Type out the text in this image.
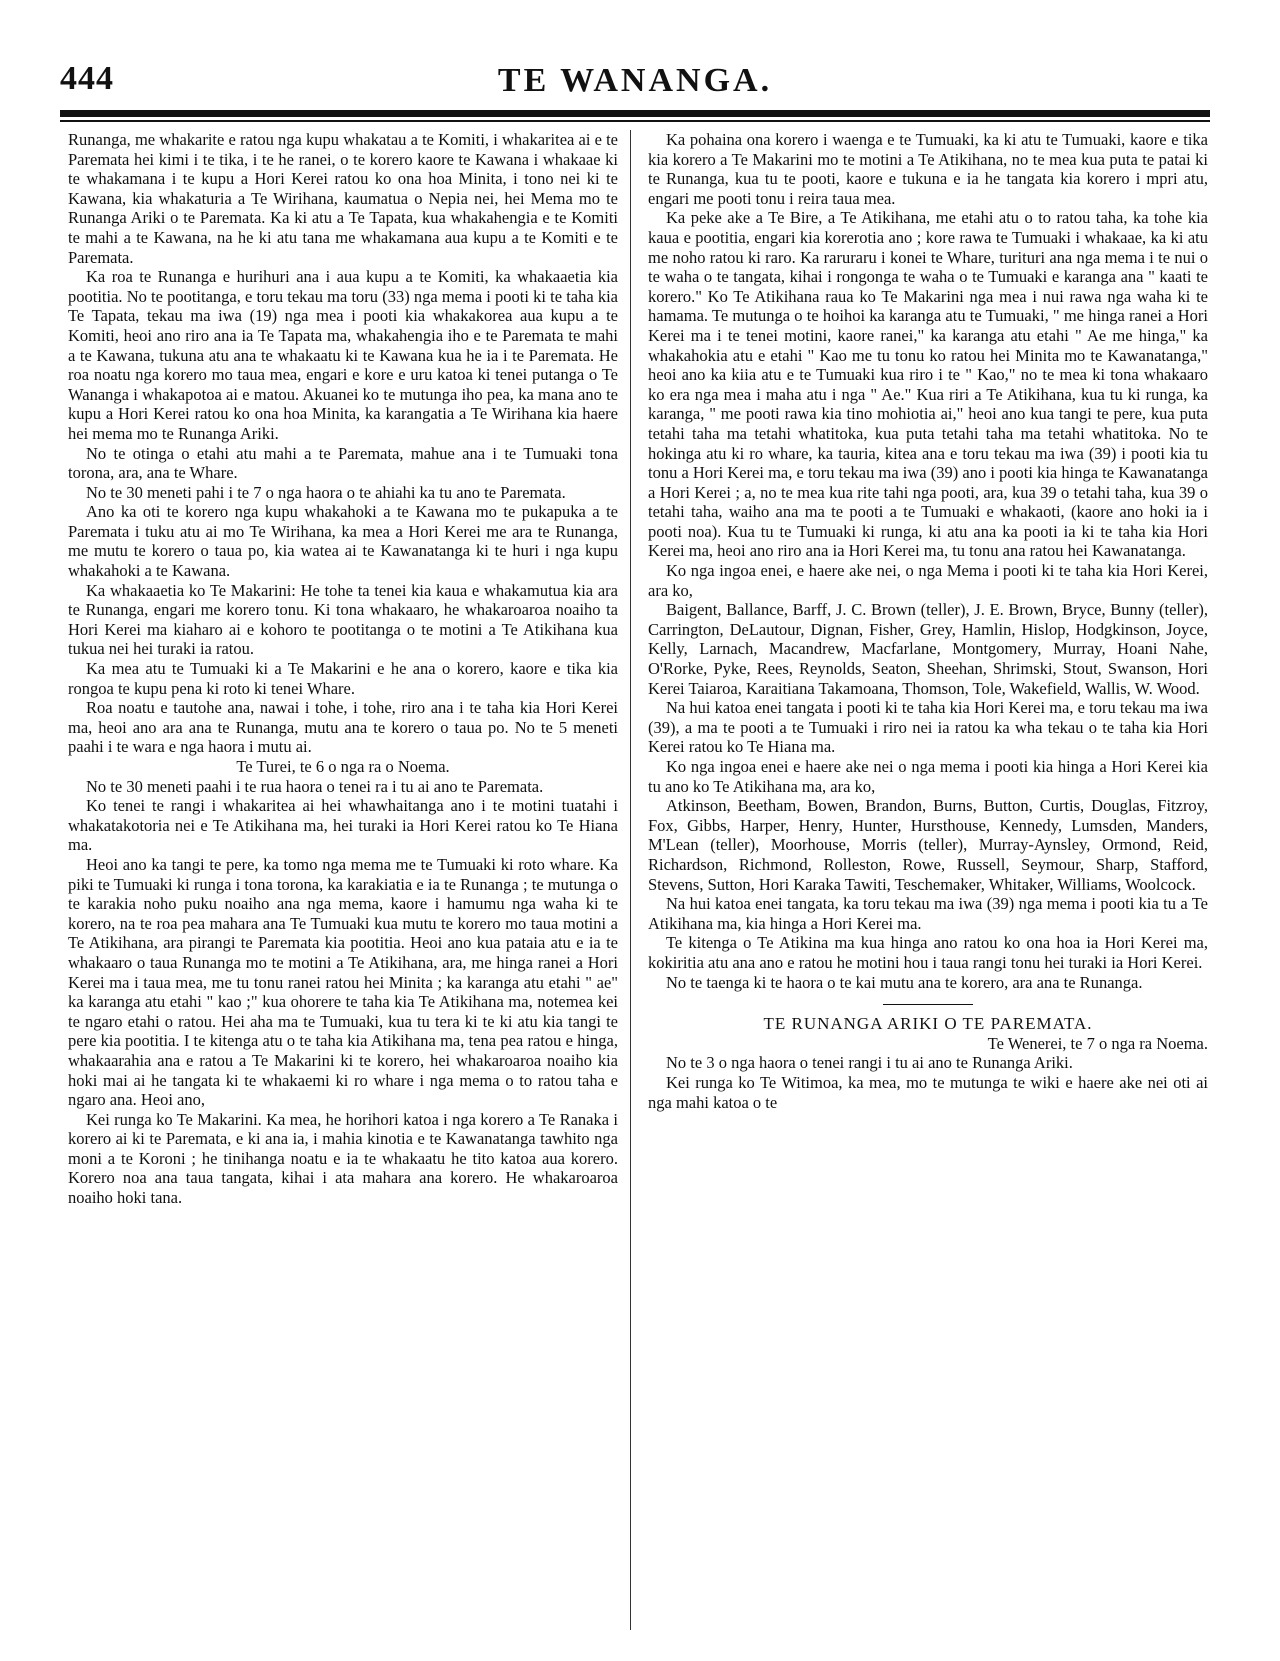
444	TE WANANGA.

Runanga, me whakarite e ratou nga kupu whakatau a te Komiti, i whakaritea ai e te Paremata hei kimi i te tika, i te he ranei, o te korero kaore te Kawana i whakaae ki te whakamana i te kupu a Hori Kerei ratou ko ona hoa Minita, i tono nei ki te Kawana, kia whakaturia a Te Wirihana, kaumatua o Nepia nei, hei Mema mo te Runanga Ariki o te Paremata. Ka ki atu a Te Tapata, kua whakahengia e te Komiti te mahi a te Kawana, na he ki atu tana me whakamana aua kupu a te Komiti e te Paremata.

Ka roa te Runanga e hurihuri ana i aua kupu a te Komiti, ka whakaaetia kia pootitia. No te pootitanga, e toru tekau ma toru (33) nga mema i pooti ki te taha kia Te Tapata, tekau ma iwa (19) nga mea i pooti kia whakakorea aua kupu a te Komiti, heoi ano riro ana ia Te Tapata ma, whakahengia iho e te Paremata te mahi a te Kawana, tukuna atu ana te whakaatu ki te Kawana kua he ia i te Paremata. He roa noatu nga korero mo taua mea, engari e kore e uru katoa ki tenei putanga o Te Wananga i whakapotoa ai e matou. Akuanei ko te mutunga iho pea, ka mana ano te kupu a Hori Kerei ratou ko ona hoa Minita, ka karangatia a Te Wirihana kia haere hei mema mo te Runanga Ariki.

No te otinga o etahi atu mahi a te Paremata, mahue ana i te Tumuaki tona torona, ara, ana te Whare.

No te 30 meneti pahi i te 7 o nga haora o te ahiahi ka tu ano te Paremata.

Ano ka oti te korero nga kupu whakahoki a te Kawana mo te pukapuka a te Paremata i tuku atu ai mo Te Wirihana, ka mea a Hori Kerei me ara te Runanga, me mutu te korero o taua po, kia watea ai te Kawanatanga ki te huri i nga kupu whakahoki a te Kawana.

Ka whakaaetia ko Te Makarini: He tohe ta tenei kia kaua e whakamutua kia ara te Runanga, engari me korero tonu. Ki tona whakaaro, he whakaroaroa noaiho ta Hori Kerei ma kiaharo ai e kohoro te pootitanga o te motini a Te Atikihana kua tukua nei hei turaki ia ratou.

Ka mea atu te Tumuaki ki a Te Makarini e he ana o korero, kaore e tika kia rongoa te kupu pena ki roto ki tenei Whare.

Roa noatu e tautohe ana, nawai i tohe, i tohe, riro ana i te taha kia Hori Kerei ma, heoi ano ara ana te Runanga, mutu ana te korero o taua po. No te 5 meneti paahi i te wara e nga haora i mutu ai.

Te Turei, te 6 o nga ra o Noema.

No te 30 meneti paahi i te rua haora o tenei ra i tu ai ano te Paremata.

Ko tenei te rangi i whakaritea ai hei whawhaitanga ano i te motini tuatahi i whakatakotoria nei e Te Atikihana ma, hei turaki ia Hori Kerei ratou ko Te Hiana ma.

Heoi ano ka tangi te pere, ka tomo nga mema me te Tumuaki ki roto whare. Ka piki te Tumuaki ki runga i tona torona, ka karakiatia e ia te Runanga ; te mutunga o te karakia noho puku noaiho ana nga mema, kaore i hamumu nga waha ki te korero, na te roa pea mahara ana Te Tumuaki kua mutu te korero mo taua motini a Te Atikihana, ara pirangi te Paremata kia pootitia. Heoi ano kua pataia atu e ia te whakaaro o taua Runanga mo te motini a Te Atikihana, ara, me hinga ranei a Hori Kerei ma i taua mea, me tu tonu ranei ratou hei Minita ; ka karanga atu etahi " ae" ka karanga atu etahi " kao ;" kua ohorere te taha kia Te Atikihana ma, notemea kei te ngaro etahi o ratou. Hei aha ma te Tumuaki, kua tu tera ki te ki atu kia tangi te pere kia pootitia. I te kitenga atu o te taha kia Atikihana ma, tena pea ratou e hinga, whakaarahia ana e ratou a Te Makarini ki te korero, hei whakaroaroa noaiho kia hoki mai ai he tangata ki te whakaemi ki ro whare i nga mema o to ratou taha e ngaro ana. Heoi ano,

Kei runga ko Te Makarini. Ka mea, he horihori katoa i nga korero a Te Ranaka i korero ai ki te Paremata, e ki ana ia, i mahia kinotia e te Kawanatanga tawhito nga moni a te Koroni ; he tinihanga noatu e ia te whakaatu he tito katoa aua korero. Korero noa ana taua tangata, kihai i ata mahara ana korero. He whakaroaroa noaiho hoki tana.

Ka pohaina ona korero i waenga e te Tumuaki, ka ki atu te Tumuaki, kaore e tika kia korero a Te Makarini mo te motini a Te Atikihana, no te mea kua puta te patai ki te Runanga, kua tu te pooti, kaore e tukuna e ia he tangata kia korero i mpri atu, engari me pooti tonu i reira taua mea.

Ka peke ake a Te Bire, a Te Atikihana, me etahi atu o to ratou taha, ka tohe kia kaua e pootitia, engari kia korerotia ano ; kore rawa te Tumuaki i whakaae, ka ki atu me noho ratou ki raro. Ka raruraru i konei te Whare, turituri ana nga mema i te nui o te waha o te tangata, kihai i rongonga te waha o te Tumuaki e karanga ana " kaati te korero." Ko Te Atikihana raua ko Te Makarini nga mea i nui rawa nga waha ki te hamama. Te mutunga o te hoihoi ka karanga atu te Tumuaki, " me hinga ranei a Hori Kerei ma i te tenei motini, kaore ranei," ka karanga atu etahi " Ae me hinga," ka whakahokia atu e etahi " Kao me tu tonu ko ratou hei Minita mo te Kawanatanga," heoi ano ka kiia atu e te Tumuaki kua riro i te " Kao," no te mea ki tona whakaaro ko era nga mea i maha atu i nga " Ae." Kua riri a Te Atikihana, kua tu ki runga, ka karanga, " me pooti rawa kia tino mohiotia ai," heoi ano kua tangi te pere, kua puta tetahi taha ma tetahi whatitoka, kua puta tetahi taha ma tetahi whatitoka. No te hokinga atu ki ro whare, ka tauria, kitea ana e toru tekau ma iwa (39) i pooti kia tu tonu a Hori Kerei ma, e toru tekau ma iwa (39) ano i pooti kia hinga te Kawanatanga a Hori Kerei ; a, no te mea kua rite tahi nga pooti, ara, kua 39 o tetahi taha, kua 39 o tetahi taha, waiho ana ma te pooti a te Tumuaki e whakaoti, (kaore ano hoki ia i pooti noa). Kua tu te Tumuaki ki runga, ki atu ana ka pooti ia ki te taha kia Hori Kerei ma, heoi ano riro ana ia Hori Kerei ma, tu tonu ana ratou hei Kawanatanga.

Ko nga ingoa enei, e haere ake nei, o nga Mema i pooti ki te taha kia Hori Kerei, ara ko,

Baigent, Ballance, Barff, J. C. Brown (teller), J. E. Brown, Bryce, Bunny (teller), Carrington, DeLautour, Dignan, Fisher, Grey, Hamlin, Hislop, Hodgkinson, Joyce, Kelly, Larnach, Macandrew, Macfarlane, Montgomery, Murray, Hoani Nahe, O'Rorke, Pyke, Rees, Reynolds, Seaton, Sheehan, Shrimski, Stout, Swanson, Hori Kerei Taiaroa, Karaitiana Takamoana, Thomson, Tole, Wakefield, Wallis, W. Wood.

Na hui katoa enei tangata i pooti ki te taha kia Hori Kerei ma, e toru tekau ma iwa (39), a ma te pooti a te Tumuaki i riro nei ia ratou ka wha tekau o te taha kia Hori Kerei ratou ko Te Hiana ma.

Ko nga ingoa enei e haere ake nei o nga mema i pooti kia hinga a Hori Kerei kia tu ano ko Te Atikihana ma, ara ko,

Atkinson, Beetham, Bowen, Brandon, Burns, Button, Curtis, Douglas, Fitzroy, Fox, Gibbs, Harper, Henry, Hunter, Hursthouse, Kennedy, Lumsden, Manders, M'Lean (teller), Moorhouse, Morris (teller), Murray-Aynsley, Ormond, Reid, Richardson, Richmond, Rolleston, Rowe, Russell, Seymour, Sharp, Stafford, Stevens, Sutton, Hori Karaka Tawiti, Teschemaker, Whitaker, Williams, Woolcock.

Na hui katoa enei tangata, ka toru tekau ma iwa (39) nga mema i pooti kia tu a Te Atikihana ma, kia hinga a Hori Kerei ma.

Te kitenga o Te Atikina ma kua hinga ano ratou ko ona hoa ia Hori Kerei ma, kokiritia atu ana ano e ratou he motini hou i taua rangi tonu hei turaki ia Hori Kerei.

No te taenga ki te haora o te kai mutu ana te korero, ara ana te Runanga.

TE RUNANGA ARIKI O TE PAREMATA.

Te Wenerei, te 7 o nga ra Noema.

No te 3 o nga haora o tenei rangi i tu ai ano te Runanga Ariki.

Kei runga ko Te Witimoa, ka mea, mo te mutunga te wiki e haere ake nei oti ai nga mahi katoa o te
